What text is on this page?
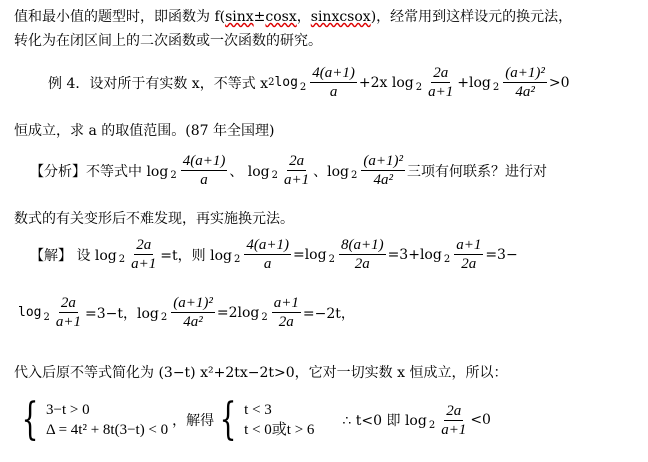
值和最小值的题型时，即函数为 f(sinx±cosx，sinxcsox)，经常用到这样设元的换元法，
转化为在闭区间上的二次函数或一次函数的研究。
例 4．设对所于有实数 x，不等式 x 2 $\log 2 \frac{4(a+1)}{a} +2x$ $\log 2 \frac{2a}{a+1} +\log$ $2 \frac{\text{(a+1)²}}{\text{4a²}} >0$
恒成立，求 a 的取值范围。(87 年全国理)
【分析】不等式中 $\log 2 \frac{4(a+1)}{a}$ 、 $\log 2 \frac{2a}{a+1}$ 、$\log 2 \frac{\text{(a+1)²}}{\text{4a²}}$ 三项有何联系？进行对
数式的有关变形后不难发现，再实施换元法。
【解】 设 $\log 2 \frac{2a}{a+1} =t$，则 $\log 2 \frac{4(a+1)}{a} =\log$ $2 \frac{8(a+1)}{2a} =3+\log$ $2 \frac{a+1}{2a} =3-$
$\log 2 \frac{2a}{a+1} =3-t$，$\log 2 \frac{\text{(a+1)²}}{\text{4a²}} =2\log$ $2 \frac{a+1}{2a} =-2t$，
代入后原不等式简化为 (3−t) x²+2tx−2t>0，它对一切实数 x 恒成立，所以：
{ 3−t > 0
Δ = 4t² + 8t(3−t) < 0
，解得 { t < 3
t < 0或t > 6
∴ t<0 即 $\log 2 \frac{2a}{a+1} <0$
